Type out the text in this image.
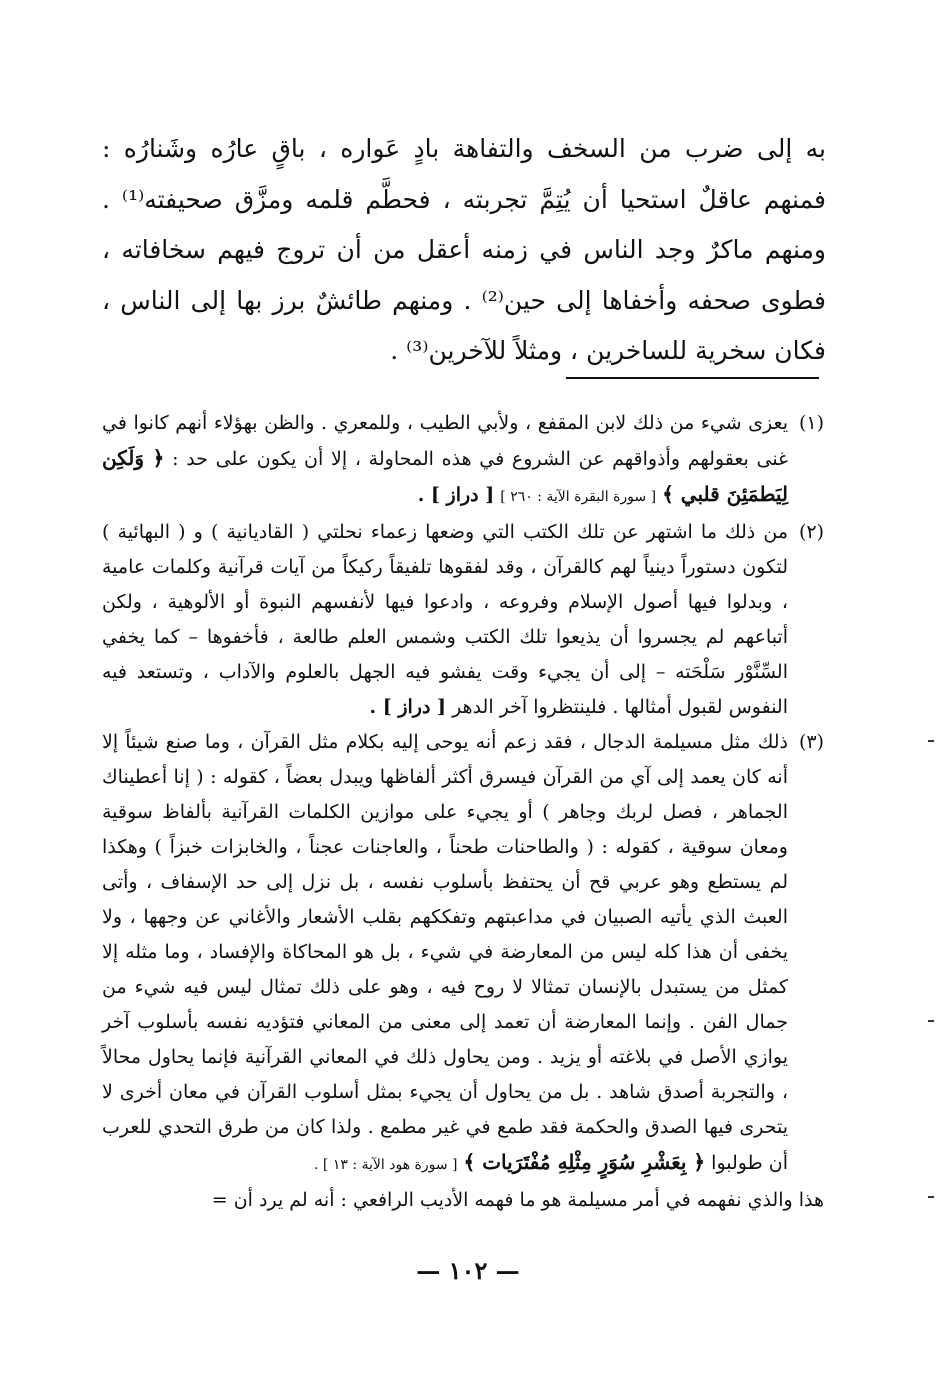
به إلى ضرب من السخف والتفاهة بادٍ عَواره ، باقٍ عارُه وشَنارُه : فمنهم عاقلٌ استحيا أن يُتِمَّ تجربته ، فحطَّم قلمه ومزَّق صحيفته⁽¹⁾ . ومنهم ماكرٌ وجد الناس في زمنه أعقل من أن تروج فيهم سخافاته ، فطوى صحفه وأخفاها إلى حين⁽²⁾ . ومنهم طائشٌ برز بها إلى الناس ، فكان سخرية للساخرين ، ومثلاً للآخرين⁽³⁾ .

(١)
يعزى شيء من ذلك لابن المقفع ، ولأبي الطيب ، وللمعري . والظن بهؤلاء أنهم كانوا في غنى بعقولهم وأذواقهم عن الشروع في هذه المحاولة ، إلا أن يكون على حد : ﴿ وَلَكِن لِيَطمَئِنَ قلبي ﴾ [ سورة البقرة الآية : ٢٦٠ ] [ دراز ] .
(٢)
من ذلك ما اشتهر عن تلك الكتب التي وضعها زعماء نحلتي ( القاديانية ) و ( البهائية ) لتكون دستوراً دينياً لهم كالقرآن ، وقد لفقوها تلفيقاً ركيكاً من آيات قرآنية وكلمات عامية ، وبدلوا فيها أصول الإسلام وفروعه ، وادعوا فيها لأنفسهم النبوة أو الألوهية ، ولكن أتباعهم لم يجسروا أن يذيعوا تلك الكتب وشمس العلم طالعة ، فأخفوها – كما يخفي السِّنَّوْر سَلْحَته – إلى أن يجيء وقت يفشو فيه الجهل بالعلوم والآداب ، وتستعد فيه النفوس لقبول أمثالها . فلينتظروا آخر الدهر [ دراز ] .
(٣)
ذلك مثل مسيلمة الدجال ، فقد زعم أنه يوحى إليه بكلام مثل القرآن ، وما صنع شيئاً إلا أنه كان يعمد إلى آي من القرآن فيسرق أكثر ألفاظها ويبدل بعضاً ، كقوله : ( إنا أعطيناك الجماهر ، فصل لربك وجاهر ) أو يجيء على موازين الكلمات القرآنية بألفاظ سوقية ومعان سوقية ، كقوله : ( والطاحنات طحناً ، والعاجنات عجناً ، والخابزات خبزاً ) وهكذا لم يستطع وهو عربي قح أن يحتفظ بأسلوب نفسه ، بل نزل إلى حد الإسفاف ، وأتى العبث الذي يأتيه الصبيان في مداعبتهم وتفككهم بقلب الأشعار والأغاني عن وجهها ، ولا يخفى أن هذا كله ليس من المعارضة في شيء ، بل هو المحاكاة والإفساد ، وما مثله إلا كمثل من يستبدل بالإنسان تمثالا لا روح فيه ، وهو على ذلك تمثال ليس فيه شيء من جمال الفن . وإنما المعارضة أن تعمد إلى معنى من المعاني فتؤديه نفسه بأسلوب آخر يوازي الأصل في بلاغته أو يزيد . ومن يحاول ذلك في المعاني القرآنية فإنما يحاول محالاً ، والتجربة أصدق شاهد . بل من يحاول أن يجيء بمثل أسلوب القرآن في معان أخرى لا يتحرى فيها الصدق والحكمة فقد طمع في غير مطمع . ولذا كان من طرق التحدي للعرب أن طولبوا ﴿ بِعَشْرِ سُوَرٍ مِثْلِهِ مُفْتَرَيات ﴾ [ سورة هود الآية : ١٣ ] .
هذا والذي نفهمه في أمر مسيلمة هو ما فهمه الأديب الرافعي : أنه لم يرد أن =
— ١٠٢ —
